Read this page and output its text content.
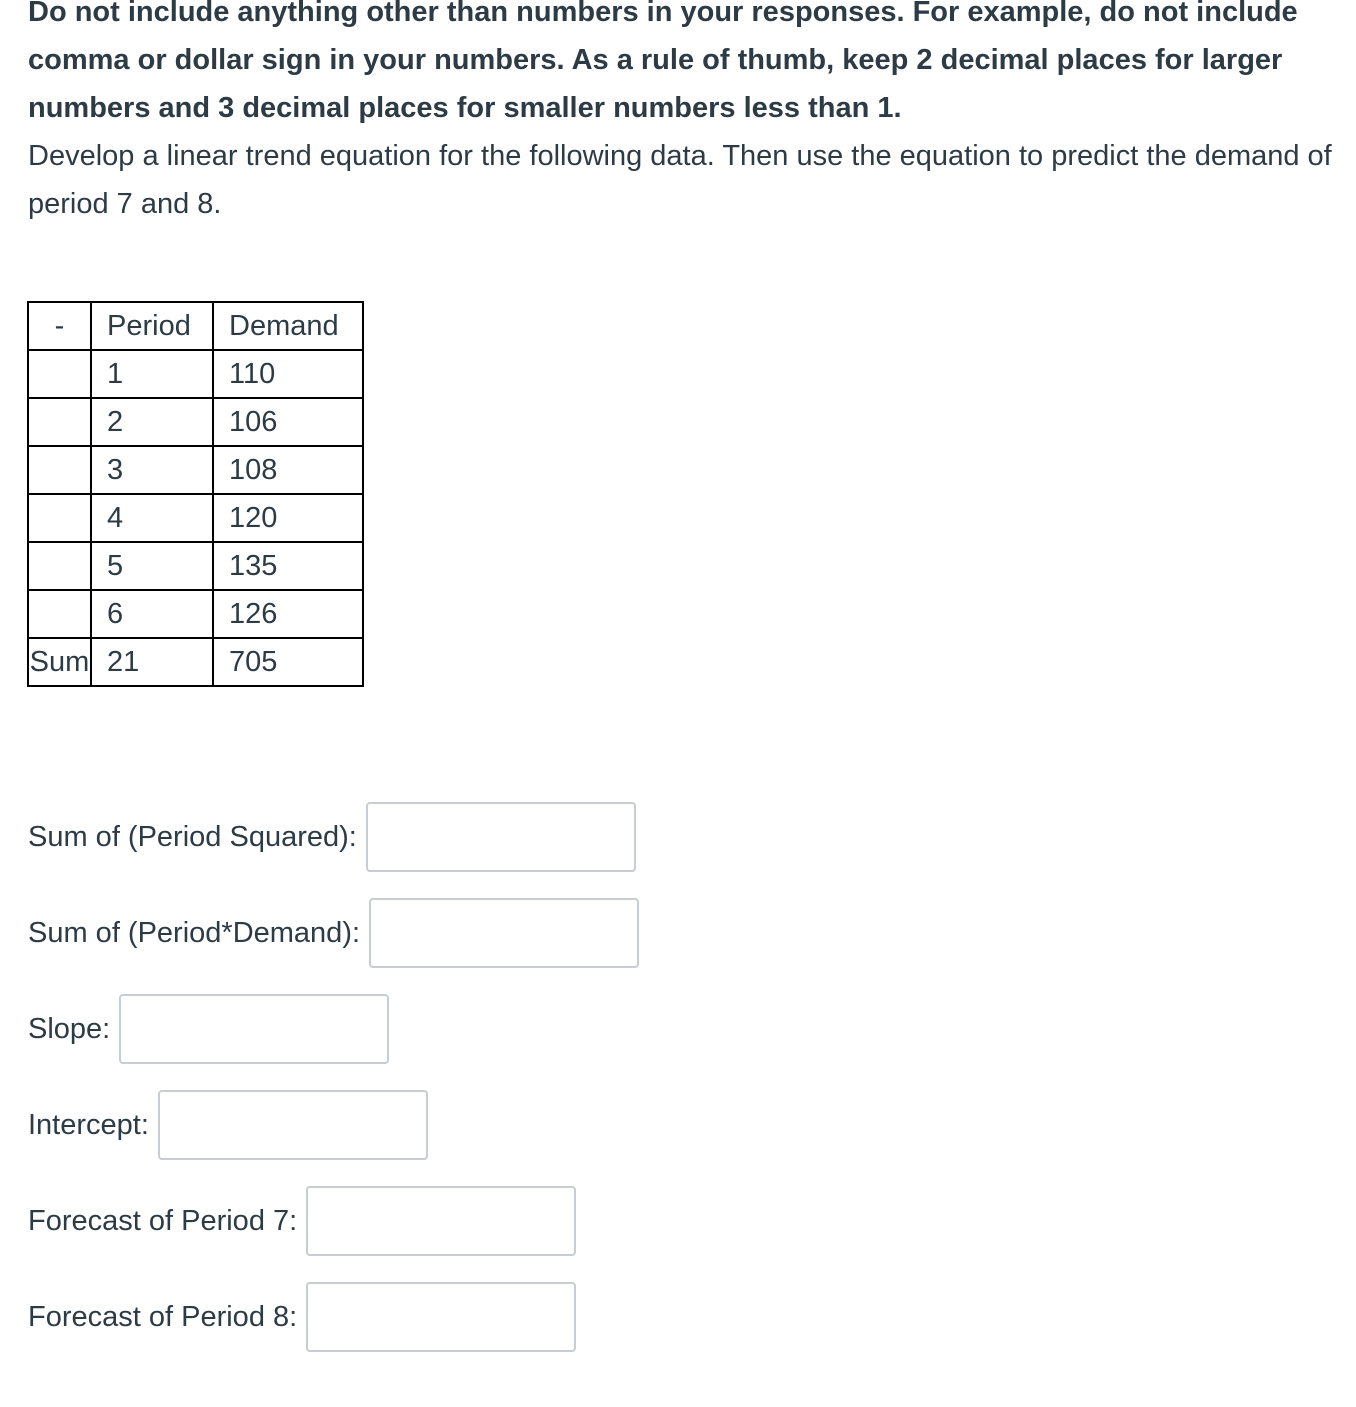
Do not include anything other than numbers in your responses. For example, do not include comma or dollar sign in your numbers. As a rule of thumb, keep 2 decimal places for larger numbers and 3 decimal places for smaller numbers less than 1.

Develop a linear trend equation for the following data. Then use the equation to predict the demand of period 7 and 8.

-	Period	Demand
	1	110
	2	106
	3	108
	4	120
	5	135
	6	126
Sum	21	705
Sum of (Period Squared):
Sum of (Period*Demand):
Slope:
Intercept:
Forecast of Period 7:
Forecast of Period 8:
